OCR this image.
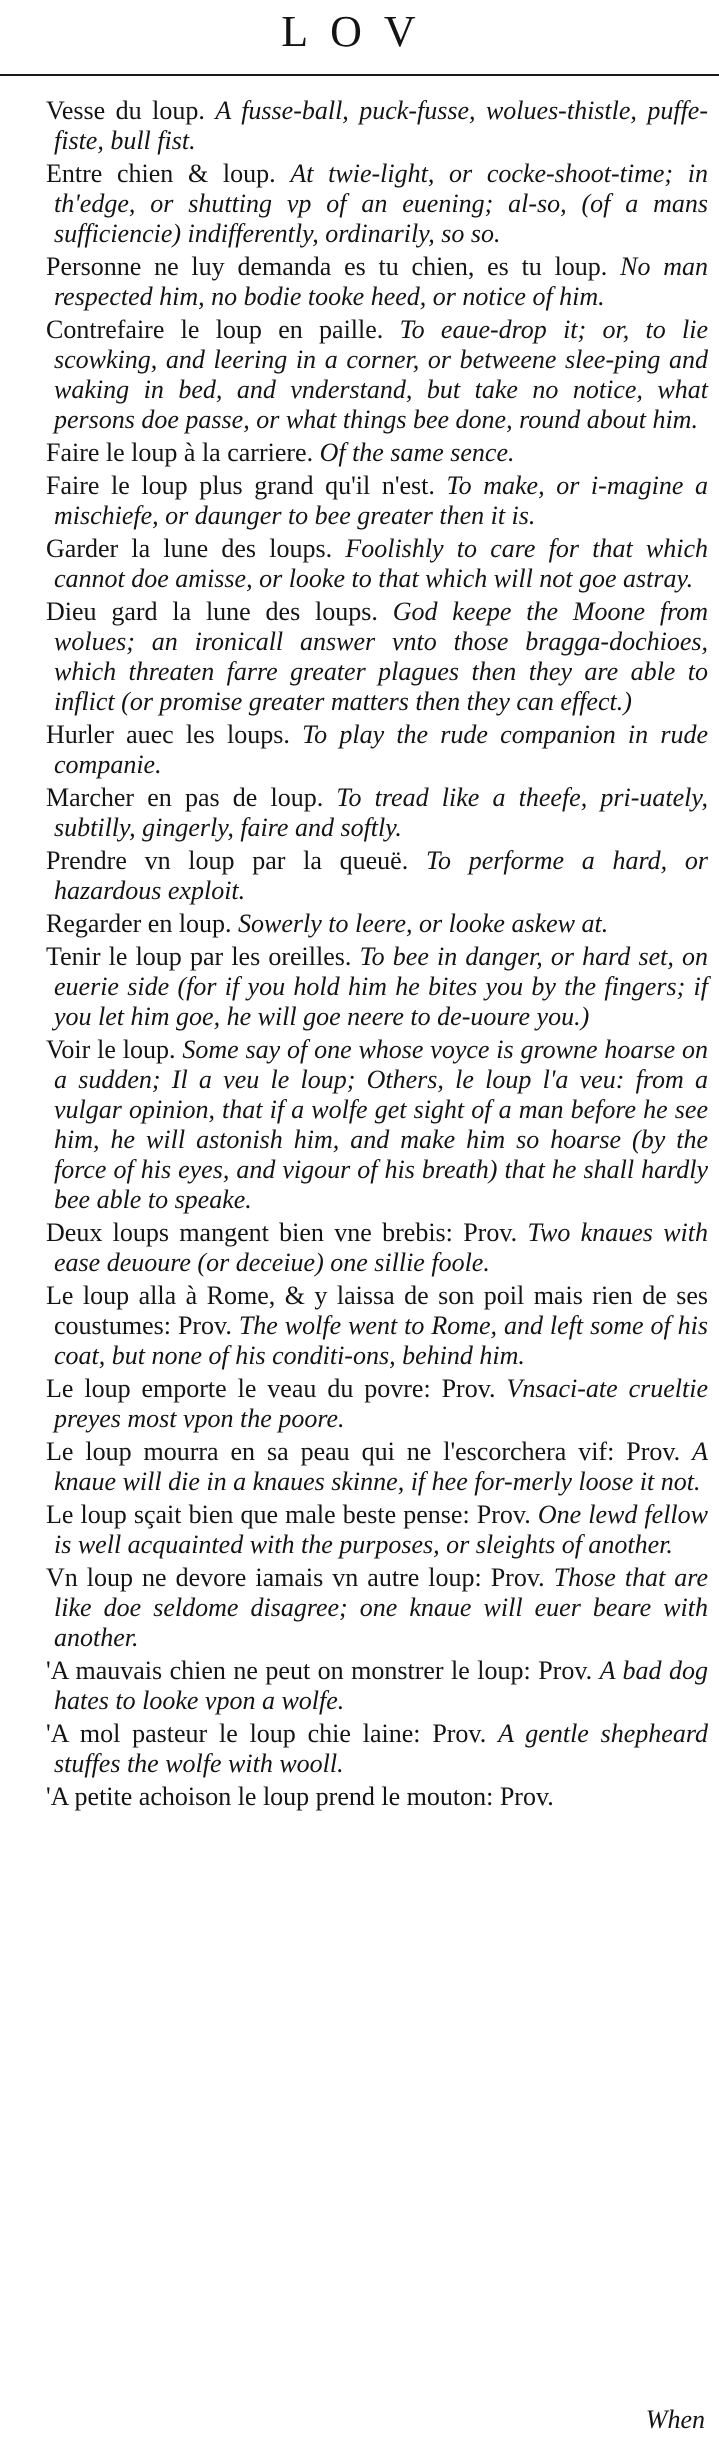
LOV

Vesse du loup. A fusse-ball, puck-fusse, wolues-thistle, puffe-fiste, bull fist.

Entre chien & loup. At twie-light, or cocke-shoot-time; in th'edge, or shutting vp of an euening; al-so, (of a mans sufficiencie) indifferently, ordinarily, so so.

Personne ne luy demanda es tu chien, es tu loup. No man respected him, no bodie tooke heed, or notice of him.

Contrefaire le loup en paille. To eaue-drop it; or, to lie scowking, and leering in a corner, or betweene slee-ping and waking in bed, and vnderstand, but take no notice, what persons doe passe, or what things bee done, round about him.

Faire le loup à la carriere. Of the same sence.

Faire le loup plus grand qu'il n'est. To make, or i-magine a mischiefe, or daunger to bee greater then it is.

Garder la lune des loups. Foolishly to care for that which cannot doe amisse, or looke to that which will not goe astray.

Dieu gard la lune des loups. God keepe the Moone from wolues; an ironicall answer vnto those bragga-dochioes, which threaten farre greater plagues then they are able to inflict (or promise greater matters then they can effect.)

Hurler auec les loups. To play the rude companion in rude companie.

Marcher en pas de loup. To tread like a theefe, pri-uately, subtilly, gingerly, faire and softly.

Prendre vn loup par la queuë. To performe a hard, or hazardous exploit.

Regarder en loup. Sowerly to leere, or looke askew at.

Tenir le loup par les oreilles. To bee in danger, or hard set, on euerie side (for if you hold him he bites you by the fingers; if you let him goe, he will goe neere to de-uoure you.)

Voir le loup. Some say of one whose voyce is growne hoarse on a sudden; Il a veu le loup; Others, le loup l'a veu: from a vulgar opinion, that if a wolfe get sight of a man before he see him, he will astonish him, and make him so hoarse (by the force of his eyes, and vigour of his breath) that he shall hardly bee able to speake.

Deux loups mangent bien vne brebis: Prov. Two knaues with ease deuoure (or deceiue) one sillie foole.

Le loup alla à Rome, & y laissa de son poil mais rien de ses coustumes: Prov. The wolfe went to Rome, and left some of his coat, but none of his conditi-ons, behind him.

Le loup emporte le veau du povre: Prov. Vnsaci-ate crueltie preyes most vpon the poore.

Le loup mourra en sa peau qui ne l'escorchera vif: Prov. A knaue will die in a knaues skinne, if hee for-merly loose it not.

Le loup sçait bien que male beste pense: Prov. One lewd fellow is well acquainted with the purposes, or sleights of another.

Vn loup ne devore iamais vn autre loup: Prov. Those that are like doe seldome disagree; one knaue will euer beare with another.

'A mauvais chien ne peut on monstrer le loup: Prov. A bad dog hates to looke vpon a wolfe.

'A mol pasteur le loup chie laine: Prov. A gentle shepheard stuffes the wolfe with wooll.

'A petite achoison le loup prend le mouton: Prov.

When
